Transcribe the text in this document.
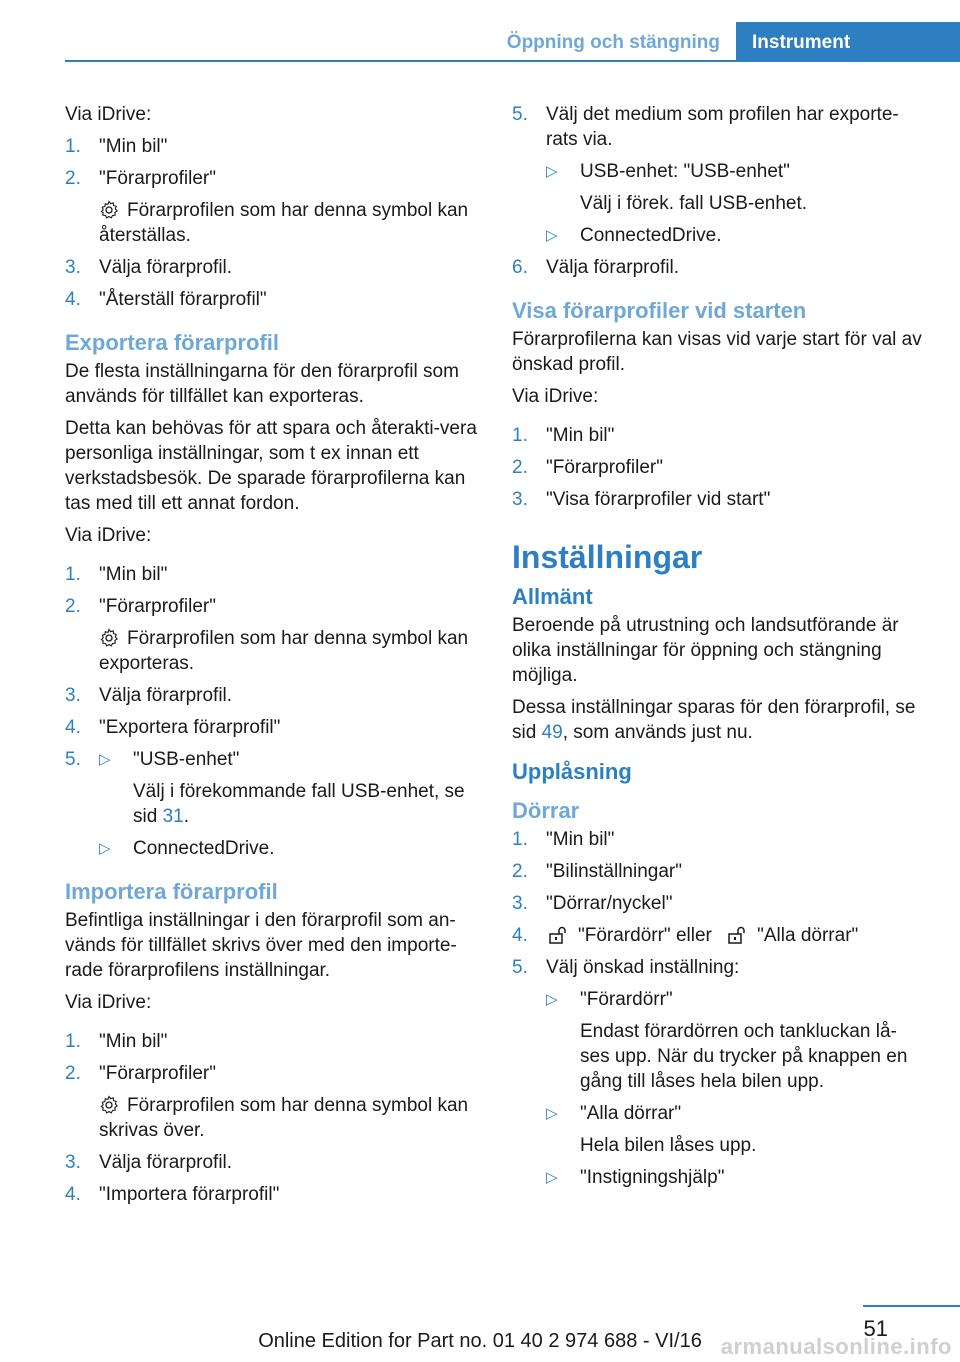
Öppning och stängning	Instrument
Via iDrive:
1. "Min bil"
2. "Förarprofiler"
Förarprofilen som har denna symbol kan återställas.
3. Välja förarprofil.
4. "Återställ förarprofil"
Exportera förarprofil
De flesta inställningarna för den förarprofil som används för tillfället kan exporteras.
Detta kan behövas för att spara och återakti‐vera personliga inställningar, som t ex innan ett verkstadsbesök. De sparade förarprofilerna kan tas med till ett annat fordon.
Via iDrive:
1. "Min bil"
2. "Förarprofiler"
Förarprofilen som har denna symbol kan exporteras.
3. Välja förarprofil.
4. "Exportera förarprofil"
5. ▷ "USB-enhet"
Välj i förekommande fall USB-enhet, se sid 31.
▷ ConnectedDrive.
Importera förarprofil
Befintliga inställningar i den förarprofil som an‐vänds för tillfället skrivs över med den importe‐rade förarprofilens inställningar.
Via iDrive:
1. "Min bil"
2. "Förarprofiler"
Förarprofilen som har denna symbol kan skrivas över.
3. Välja förarprofil.
4. "Importera förarprofil"
5. Välj det medium som profilen har exporte‐rats via.
▷ USB-enhet: "USB-enhet"
Välj i förek. fall USB-enhet.
▷ ConnectedDrive.
6. Välja förarprofil.
Visa förarprofiler vid starten
Förarprofilerna kan visas vid varje start för val av önskad profil.
Via iDrive:
1. "Min bil"
2. "Förarprofiler"
3. "Visa förarprofiler vid start"
Inställningar
Allmänt
Beroende på utrustning och landsutförande är olika inställningar för öppning och stängning möjliga.
Dessa inställningar sparas för den förarprofil, se sid 49, som används just nu.
Upplåsning
Dörrar
1. "Min bil"
2. "Bilinställningar"
3. "Dörrar/nyckel"
4.	"Förardörr" eller "Alla dörrar"
5. Välj önskad inställning:
▷ "Förardörr"
Endast förardörren och tankluckan lå‐ses upp. När du trycker på knappen en gång till låses hela bilen upp.
▷ "Alla dörrar"
Hela bilen låses upp.
▷ "Instigningshjälp"
51
Online Edition for Part no. 01 40 2 974 688 - VI/16 armanualsonline.info
